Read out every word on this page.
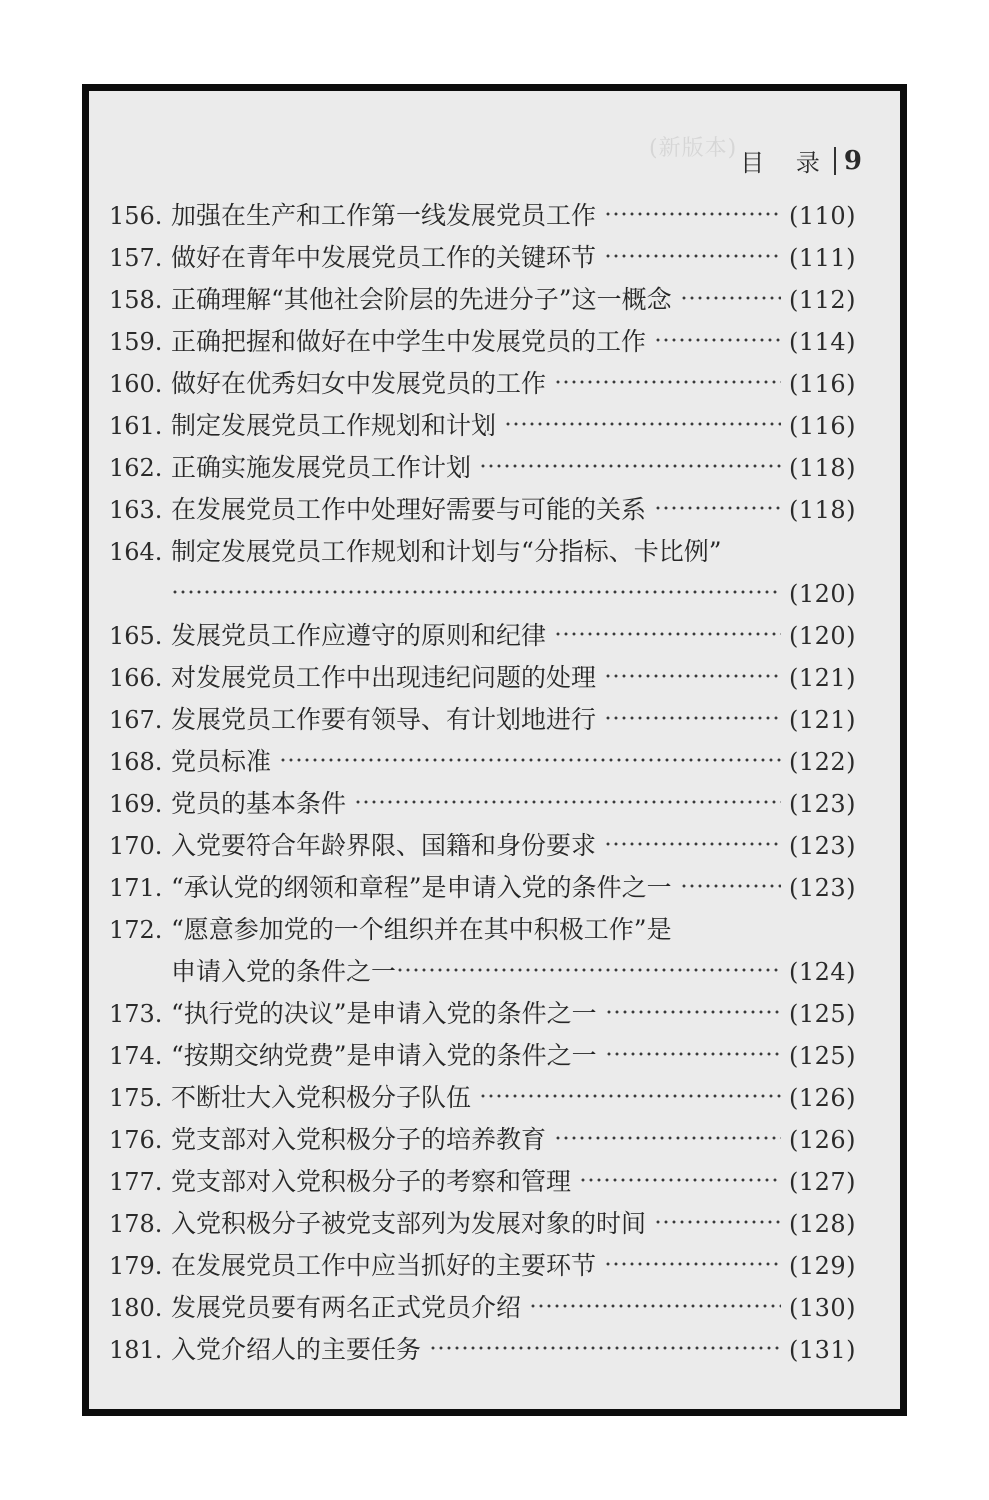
(新版本)
目 录 9
156. 加强在生产和工作第一线发展党员工作	(110)
157. 做好在青年中发展党员工作的关键环节	(111)
158. 正确理解“其他社会阶层的先进分子”这一概念	(112)
159. 正确把握和做好在中学生中发展党员的工作	(114)
160. 做好在优秀妇女中发展党员的工作	(116)
161. 制定发展党员工作规划和计划	(116)
162. 正确实施发展党员工作计划	(118)
163. 在发展党员工作中处理好需要与可能的关系	(118)
164. 制定发展党员工作规划和计划与“分指标、卡比例”
(120)
165. 发展党员工作应遵守的原则和纪律	(120)
166. 对发展党员工作中出现违纪问题的处理	(121)
167. 发展党员工作要有领导、有计划地进行	(121)
168. 党员标准	(122)
169. 党员的基本条件	(123)
170. 入党要符合年龄界限、国籍和身份要求	(123)
171. “承认党的纲领和章程”是申请入党的条件之一	(123)
172. “愿意参加党的一个组织并在其中积极工作”是
申请入党的条件之一	(124)
173. “执行党的决议”是申请入党的条件之一	(125)
174. “按期交纳党费”是申请入党的条件之一	(125)
175. 不断壮大入党积极分子队伍	(126)
176. 党支部对入党积极分子的培养教育	(126)
177. 党支部对入党积极分子的考察和管理	(127)
178. 入党积极分子被党支部列为发展对象的时间	(128)
179. 在发展党员工作中应当抓好的主要环节	(129)
180. 发展党员要有两名正式党员介绍	(130)
181. 入党介绍人的主要任务	(131)
